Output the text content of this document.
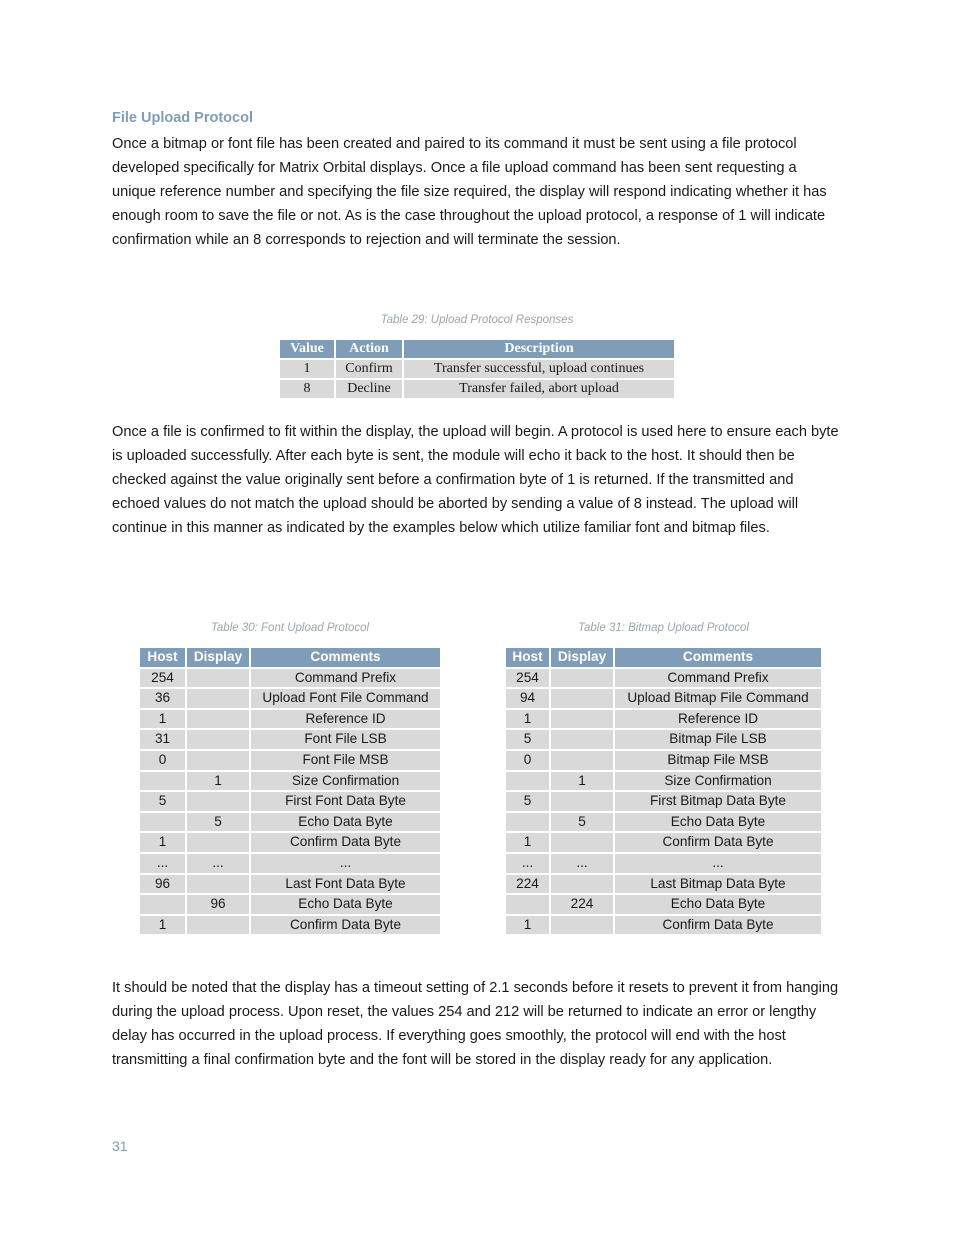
File Upload Protocol

Once a bitmap or font file has been created and paired to its command it must be sent using a file protocol developed specifically for Matrix Orbital displays. Once a file upload command has been sent requesting a unique reference number and specifying the file size required, the display will respond indicating whether it has enough room to save the file or not. As is the case throughout the upload protocol, a response of 1 will indicate confirmation while an 8 corresponds to rejection and will terminate the session.

Table 29: Upload Protocol Responses

Value	Action	Description
1	Confirm	Transfer successful, upload continues
8	Decline	Transfer failed, abort upload

Once a file is confirmed to fit within the display, the upload will begin. A protocol is used here to ensure each byte is uploaded successfully. After each byte is sent, the module will echo it back to the host. It should then be checked against the value originally sent before a confirmation byte of 1 is returned. If the transmitted and echoed values do not match the upload should be aborted by sending a value of 8 instead. The upload will continue in this manner as indicated by the examples below which utilize familiar font and bitmap files.

Table 30: Font Upload Protocol

Host	Display	Comments
254		Command Prefix
36		Upload Font File Command
1		Reference ID
31		Font File LSB
0		Font File MSB
	1	Size Confirmation
5		First Font Data Byte
	5	Echo Data Byte
1		Confirm Data Byte
...	...	...
96		Last Font Data Byte
	96	Echo Data Byte
1		Confirm Data Byte

Table 31: Bitmap Upload Protocol

Host	Display	Comments
254		Command Prefix
94		Upload Bitmap File Command
1		Reference ID
5		Bitmap File LSB
0		Bitmap File MSB
	1	Size Confirmation
5		First Bitmap Data Byte
	5	Echo Data Byte
1		Confirm Data Byte
...	...	...
224		Last Bitmap Data Byte
	224	Echo Data Byte
1		Confirm Data Byte

It should be noted that the display has a timeout setting of 2.1 seconds before it resets to prevent it from hanging during the upload process. Upon reset, the values 254 and 212 will be returned to indicate an error or lengthy delay has occurred in the upload process. If everything goes smoothly, the protocol will end with the host transmitting a final confirmation byte and the font will be stored in the display ready for any application.

31
